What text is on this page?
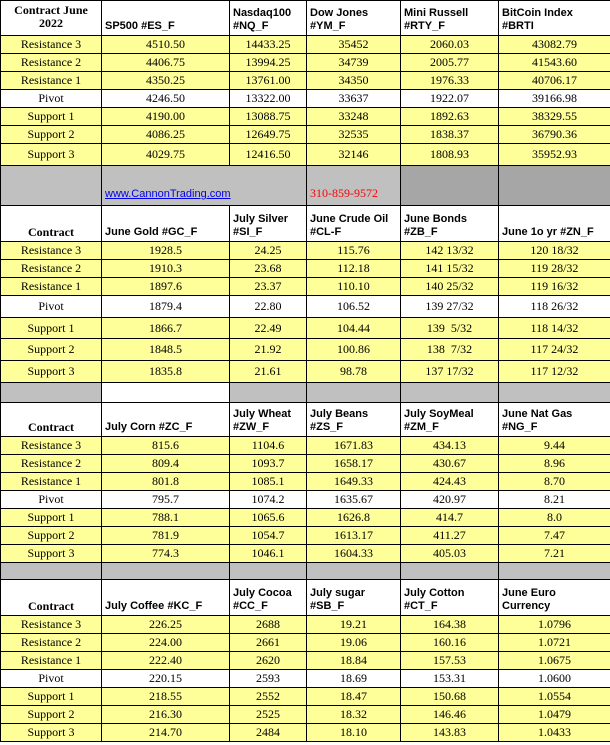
Contract June 2022	SP500 #ES_F	Nasdaq100 #NQ_F	Dow Jones #YM_F	Mini Russell #RTY_F	BitCoin Index #BRTI
Resistance 3	4510.50	14433.25	35452	2060.03	43082.79
Resistance 2	4406.75	13994.25	34739	2005.77	41543.60
Resistance 1	4350.25	13761.00	34350	1976.33	40706.17
Pivot	4246.50	13322.00	33637	1922.07	39166.98
Support 1	4190.00	13088.75	33248	1892.63	38329.55
Support 2	4086.25	12649.75	32535	1838.37	36790.36
Support 3	4029.75	12416.50	32146	1808.93	35952.93
	www.CannonTrading.com		310-859-9572		
Contract	June Gold #GC_F	July Silver #SI_F	June Crude Oil #CL-F	June Bonds #ZB_F	June 1o yr #ZN_F
Resistance 3	1928.5	24.25	115.76	142 13/32	120 18/32
Resistance 2	1910.3	23.68	112.18	141 15/32	119 28/32
Resistance 1	1897.6	23.37	110.10	140 25/32	119 16/32
Pivot	1879.4	22.80	106.52	139 27/32	118 26/32
Support 1	1866.7	22.49	104.44	139  5/32	118 14/32
Support 2	1848.5	21.92	100.86	138  7/32	117 24/32
Support 3	1835.8	21.61	98.78	137 17/32	117 12/32

Contract	July Corn #ZC_F	July Wheat #ZW_F	July Beans #ZS_F	July SoyMeal #ZM_F	June Nat Gas #NG_F
Resistance 3	815.6	1104.6	1671.83	434.13	9.44
Resistance 2	809.4	1093.7	1658.17	430.67	8.96
Resistance 1	801.8	1085.1	1649.33	424.43	8.70
Pivot	795.7	1074.2	1635.67	420.97	8.21
Support 1	788.1	1065.6	1626.8	414.7	8.0
Support 2	781.9	1054.7	1613.17	411.27	7.47
Support 3	774.3	1046.1	1604.33	405.03	7.21

Contract	July Coffee #KC_F	July Cocoa #CC_F	July sugar #SB_F	July Cotton #CT_F	June Euro Currency
Resistance 3	226.25	2688	19.21	164.38	1.0796
Resistance 2	224.00	2661	19.06	160.16	1.0721
Resistance 1	222.40	2620	18.84	157.53	1.0675
Pivot	220.15	2593	18.69	153.31	1.0600
Support 1	218.55	2552	18.47	150.68	1.0554
Support 2	216.30	2525	18.32	146.46	1.0479
Support 3	214.70	2484	18.10	143.83	1.0433
